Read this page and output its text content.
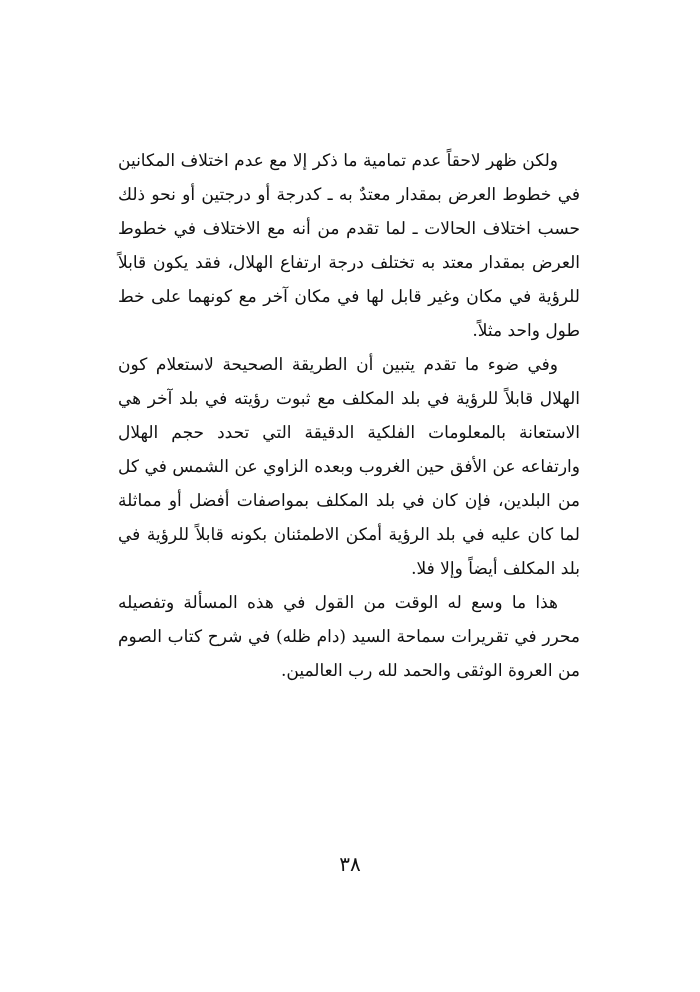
ولكن ظهر لاحقاً عدم تمامية ما ذكر إلا مع عدم اختلاف المكانين في خطوط العرض بمقدار معتدٌ به ـ كدرجة أو درجتين أو نحو ذلك حسب اختلاف الحالات ـ لما تقدم من أنه مع الاختلاف في خطوط العرض بمقدار معتد به تختلف درجة ارتفاع الهلال، فقد يكون قابلاً للرؤية في مكان وغير قابل لها في مكان آخر مع كونهما على خط طول واحد مثلاً.

وفي ضوء ما تقدم يتبين أن الطريقة الصحيحة لاستعلام كون الهلال قابلاً للرؤية في بلد المكلف مع ثبوت رؤيته في بلد آخر هي الاستعانة بالمعلومات الفلكية الدقيقة التي تحدد حجم الهلال وارتفاعه عن الأفق حين الغروب وبعده الزاوي عن الشمس في كل من البلدين، فإن كان في بلد المكلف بمواصفات أفضل أو مماثلة لما كان عليه في بلد الرؤية أمكن الاطمئنان بكونه قابلاً للرؤية في بلد المكلف أيضاً وإلا فلا.

هذا ما وسع له الوقت من القول في هذه المسألة وتفصيله محرر في تقريرات سماحة السيد (دام ظله) في شرح كتاب الصوم من العروة الوثقى والحمد لله رب العالمين.

٣٨
